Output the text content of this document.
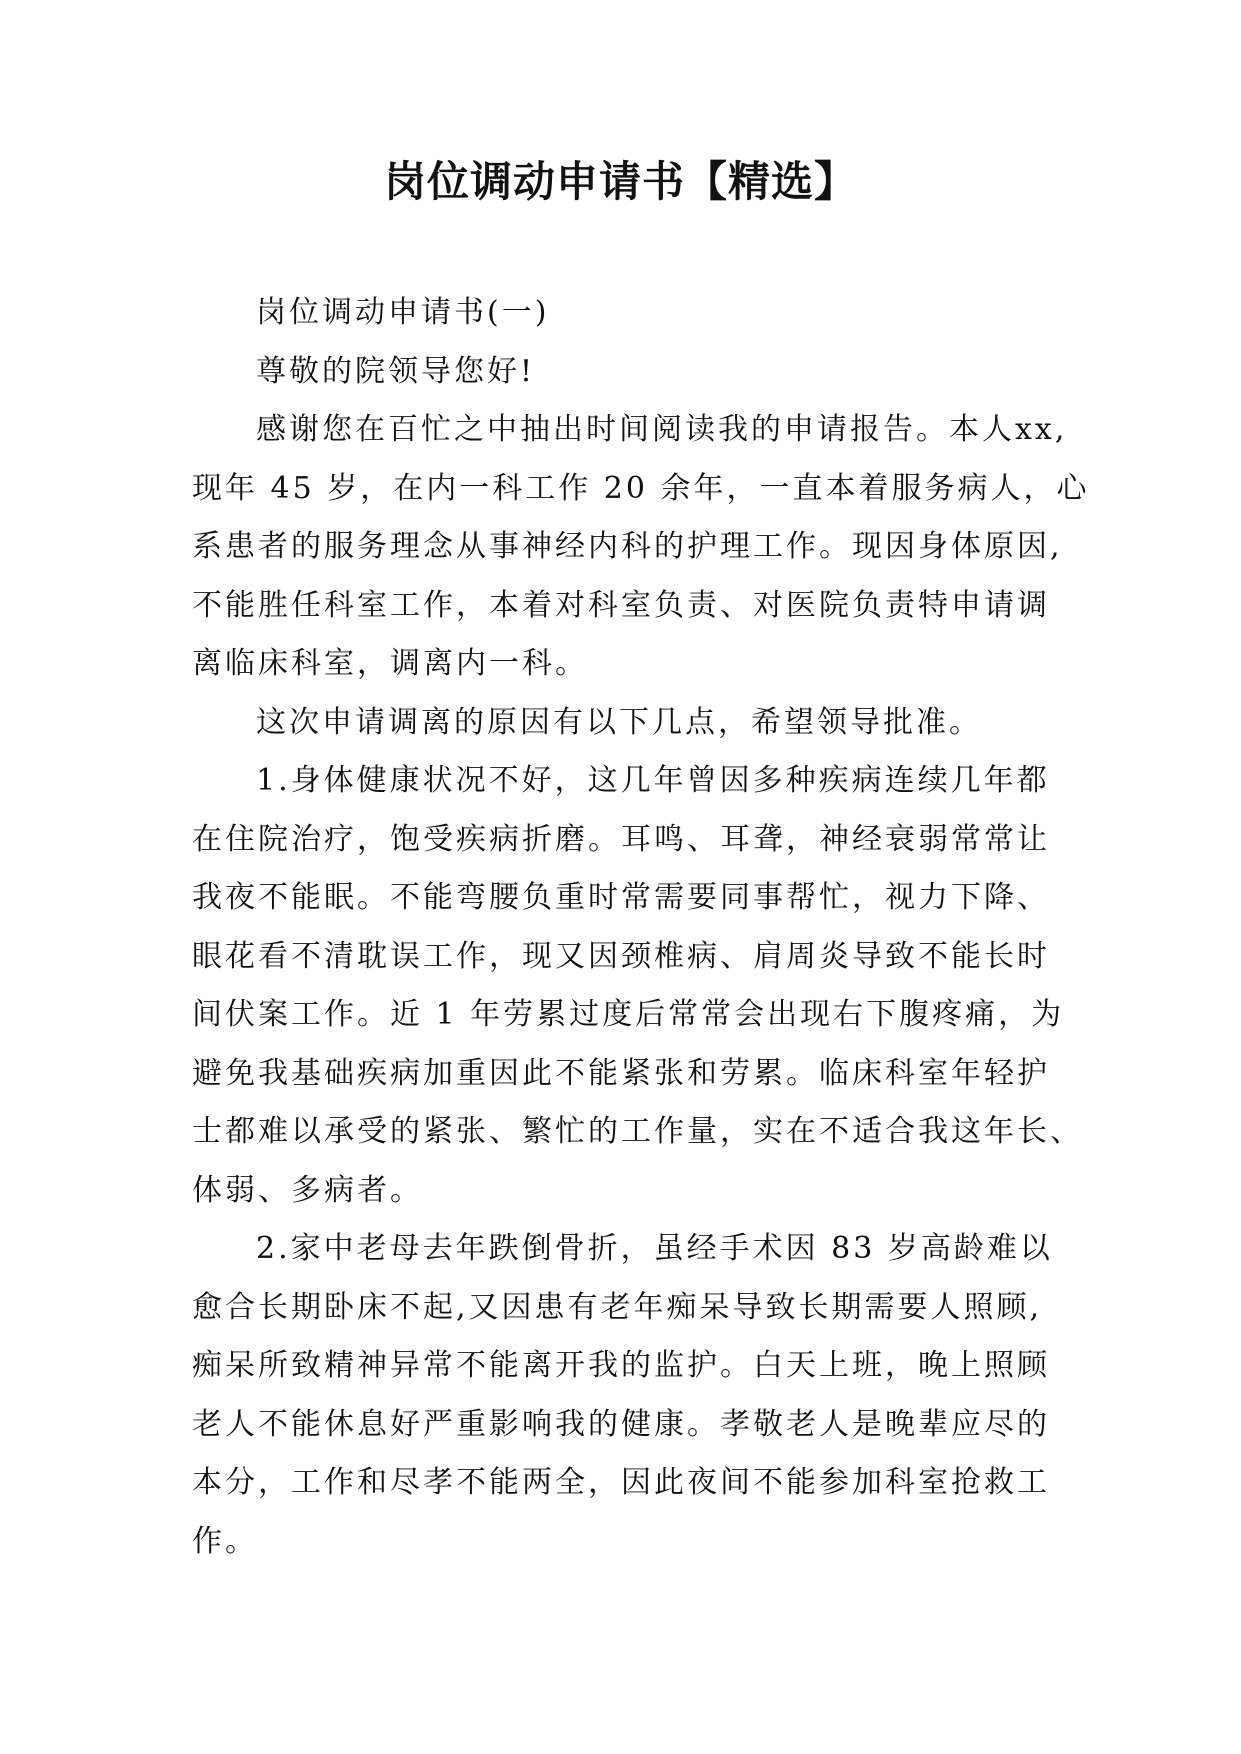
岗位调动申请书【精选】
岗位调动申请书(一)
尊敬的院领导您好!
感谢您在百忙之中抽出时间阅读我的申请报告。本人xx,
现年 45 岁，在内一科工作 20 余年，一直本着服务病人，心
系患者的服务理念从事神经内科的护理工作。现因身体原因,
不能胜任科室工作，本着对科室负责、对医院负责特申请调
离临床科室，调离内一科。
这次申请调离的原因有以下几点，希望领导批准。
1.身体健康状况不好，这几年曾因多种疾病连续几年都
在住院治疗，饱受疾病折磨。耳鸣、耳聋，神经衰弱常常让
我夜不能眠。不能弯腰负重时常需要同事帮忙，视力下降、
眼花看不清耽误工作，现又因颈椎病、肩周炎导致不能长时
间伏案工作。近 1 年劳累过度后常常会出现右下腹疼痛，为
避免我基础疾病加重因此不能紧张和劳累。临床科室年轻护
士都难以承受的紧张、繁忙的工作量，实在不适合我这年长、
体弱、多病者。
2.家中老母去年跌倒骨折，虽经手术因 83 岁高龄难以
愈合长期卧床不起,又因患有老年痴呆导致长期需要人照顾,
痴呆所致精神异常不能离开我的监护。白天上班，晚上照顾
老人不能休息好严重影响我的健康。孝敬老人是晚辈应尽的
本分，工作和尽孝不能两全，因此夜间不能参加科室抢救工
作。
